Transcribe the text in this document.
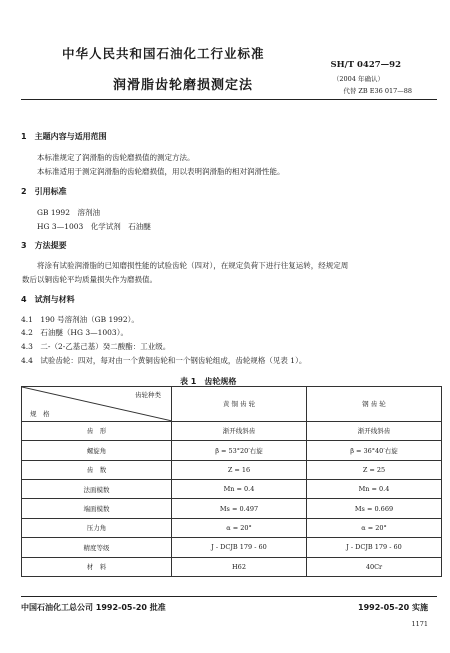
中华人民共和国石油化工行业标准
SH/T 0427—92
（2004 年确认）
代替 ZB E36 017—88
润滑脂齿轮磨损测定法
1　主题内容与适用范围
本标准规定了润滑脂的齿轮磨损值的测定方法。
本标准适用于测定润滑脂的齿轮磨损值，用以表明润滑脂的相对润滑性能。
2　引用标准
GB 1992　溶剂油
HG 3—1003　化学试剂　石油醚
3　方法提要
将涂有试验润滑脂的已知磨损性能的试验齿轮（四对），在规定负荷下进行往复运转，经规定周
数后以铜齿轮平均质量损失作为磨损值。
4　试剂与材料
4.1　190 号溶剂油（GB 1992）。
4.2　石油醚（HG 3—1003）。
4.3　二-（2-乙基己基）癸二酸酯：工业级。
4.4　试验齿轮：四对，每对由一个黄铜齿轮和一个钢齿轮组成，齿轮规格（见表 1）。
表 1　齿轮规格
齿轮种类
规　格	黄 铜 齿 轮	钢 齿 轮
齿　形	渐开线斜齿	渐开线斜齿
螺旋角	β = 53°20′右旋	β = 36°40′右旋
齿　数	Z = 16	Z = 25
法面模数	Mn = 0.4	Mn = 0.4
端面模数	Ms = 0.497	Ms = 0.669
压力角	α = 20°	α = 20°
精度等级	J - DCJB 179 - 60	J - DCJB 179 - 60
材　料	H62	40Cr
中国石油化工总公司 1992-05-20 批准	1992-05-20 实施
1171
